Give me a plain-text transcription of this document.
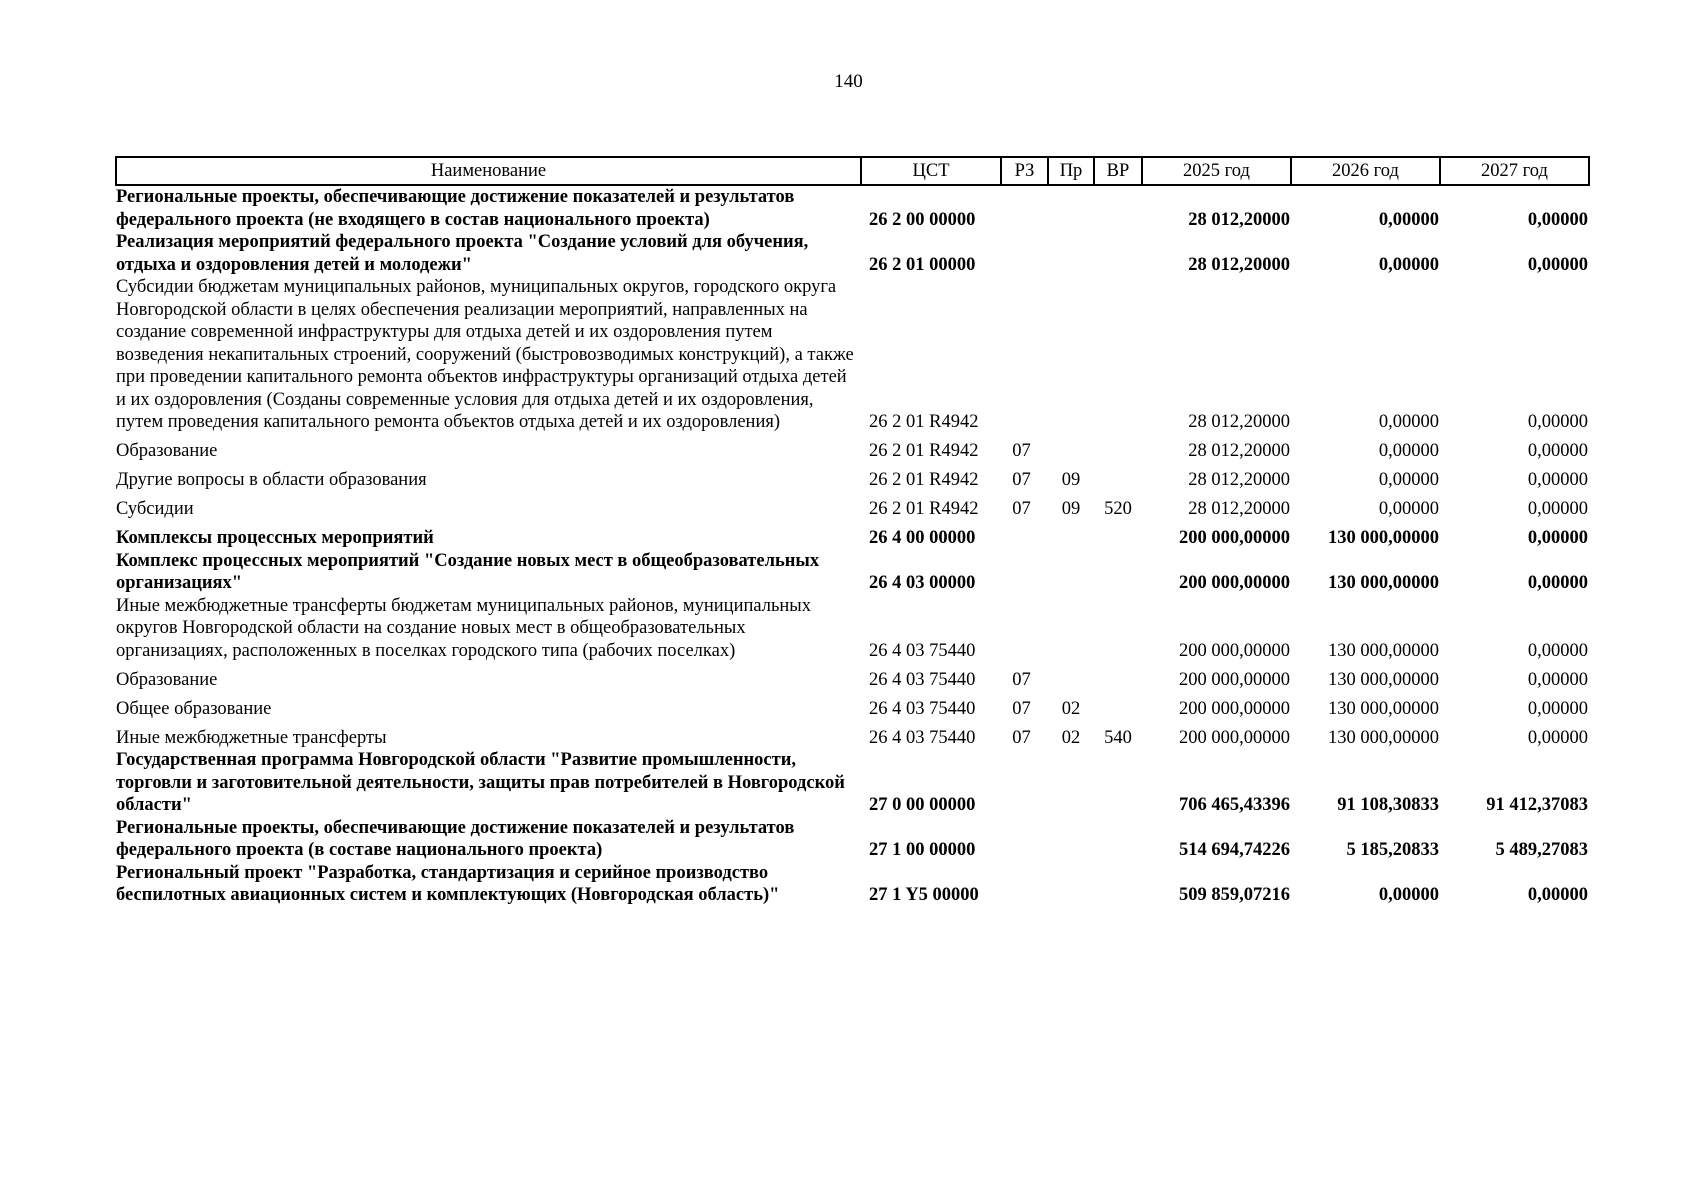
140
Наименование	ЦСТ	РЗ	Пр	ВР	2025 год	2026 год	2027 год
Региональные проекты, обеспечивающие достижение показателей и результатов федерального проекта (не входящего в состав национального проекта)	26 2 00 00000				28 012,20000	0,00000	0,00000
Реализация мероприятий федерального проекта "Создание условий для обучения, отдыха и оздоровления детей и молодежи"	26 2 01 00000				28 012,20000	0,00000	0,00000
Субсидии бюджетам муниципальных районов, муниципальных округов, городского округа Новгородской области в целях обеспечения реализации мероприятий, направленных на создание современной инфраструктуры для отдыха детей и их оздоровления путем возведения некапитальных строений, сооружений (быстровозводимых конструкций), а также при проведении капитального ремонта объектов инфраструктуры организаций отдыха детей и их оздоровления (Созданы современные условия для отдыха детей и их оздоровления, путем проведения капитального ремонта объектов отдыха детей и их оздоровления)	26 2 01 R4942				28 012,20000	0,00000	0,00000
Образование	26 2 01 R4942	07			28 012,20000	0,00000	0,00000
Другие вопросы в области образования	26 2 01 R4942	07	09		28 012,20000	0,00000	0,00000
Субсидии	26 2 01 R4942	07	09	520	28 012,20000	0,00000	0,00000
Комплексы процессных мероприятий	26 4 00 00000				200 000,00000	130 000,00000	0,00000
Комплекс процессных мероприятий "Создание новых мест в общеобразовательных организациях"	26 4 03 00000				200 000,00000	130 000,00000	0,00000
Иные межбюджетные трансферты бюджетам муниципальных районов, муниципальных округов Новгородской области на создание новых мест в общеобразовательных организациях, расположенных в поселках городского типа (рабочих поселках)	26 4 03 75440				200 000,00000	130 000,00000	0,00000
Образование	26 4 03 75440	07			200 000,00000	130 000,00000	0,00000
Общее образование	26 4 03 75440	07	02		200 000,00000	130 000,00000	0,00000
Иные межбюджетные трансферты	26 4 03 75440	07	02	540	200 000,00000	130 000,00000	0,00000
Государственная программа Новгородской области "Развитие промышленности, торговли и заготовительной деятельности, защиты прав потребителей в Новгородской области"	27 0 00 00000				706 465,43396	91 108,30833	91 412,37083
Региональные проекты, обеспечивающие достижение показателей и результатов федерального проекта (в составе национального проекта)	27 1 00 00000				514 694,74226	5 185,20833	5 489,27083
Региональный проект "Разработка, стандартизация и серийное производство беспилотных авиационных систем и комплектующих (Новгородская область)"	27 1 Y5 00000				509 859,07216	0,00000	0,00000
